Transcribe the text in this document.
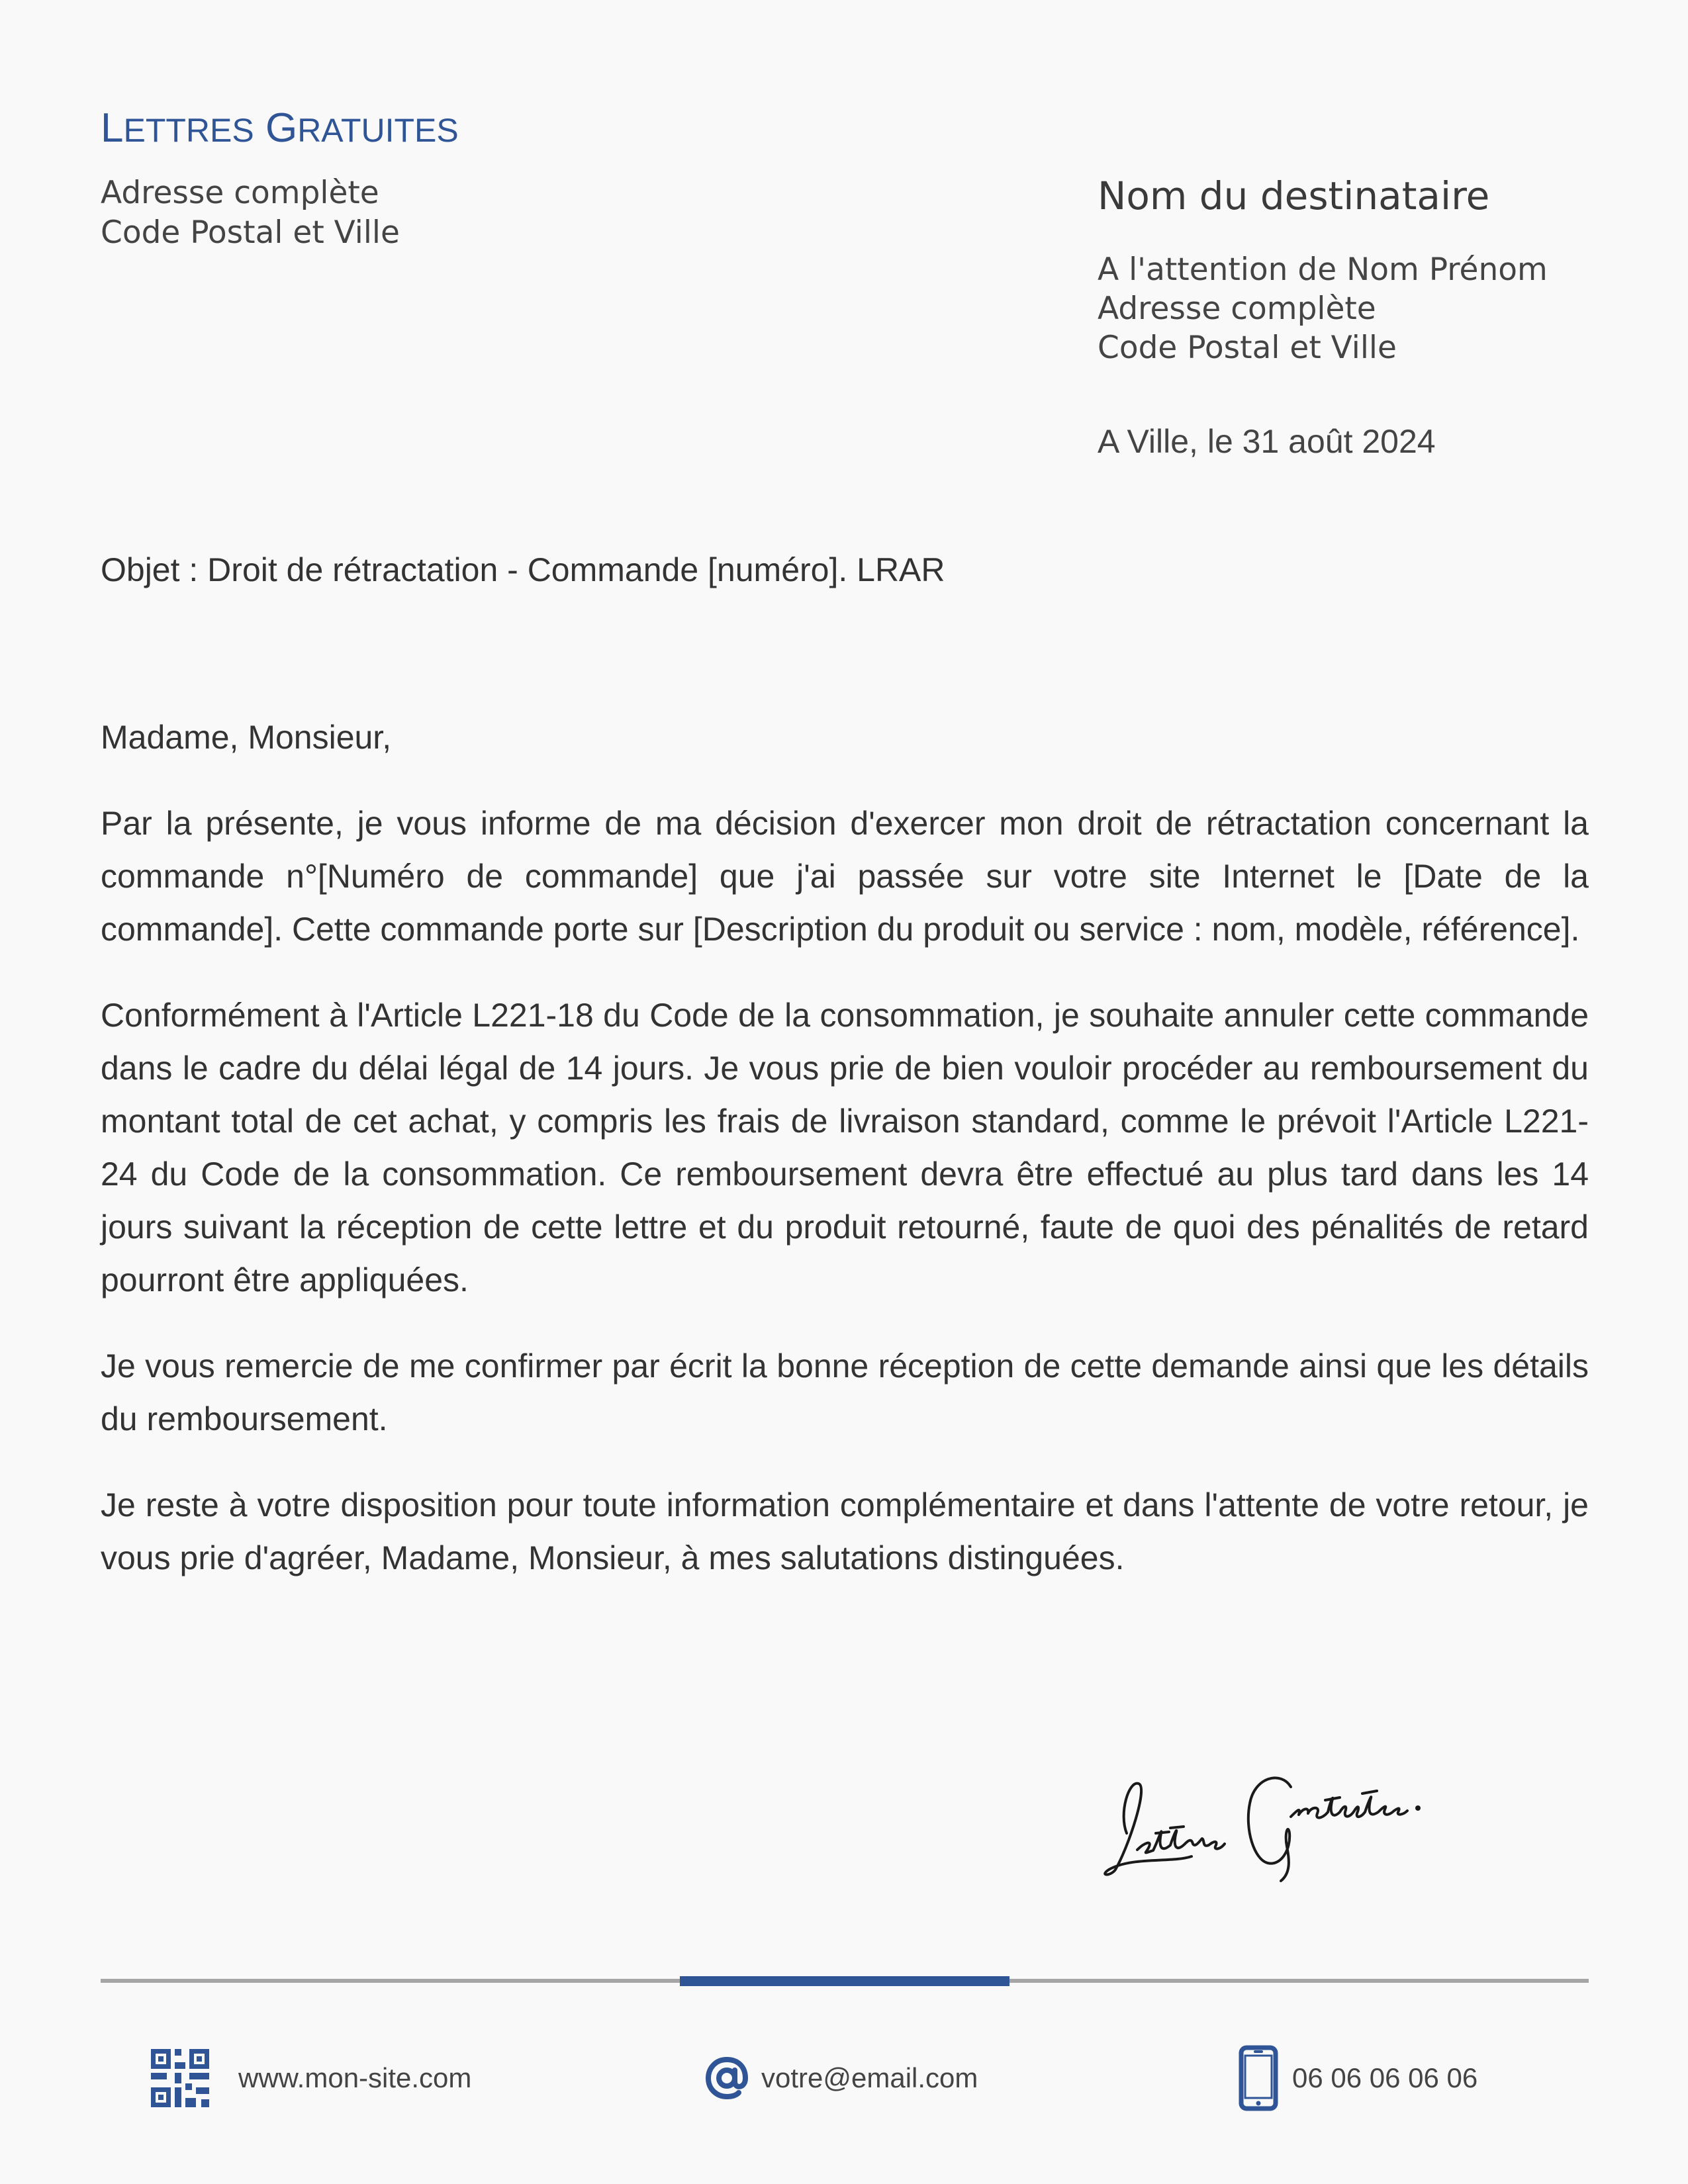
LETTRES GRATUITES
Adresse complète
Code Postal et Ville
Nom du destinataire
A l'attention de Nom Prénom
Adresse complète
Code Postal et Ville
A Ville, le 31 août 2024
Objet : Droit de rétractation - Commande [numéro]. LRAR

Madame, Monsieur,

Par la présente, je vous informe de ma décision d'exercer mon droit de rétractation concernant la commande n°[Numéro de commande] que j'ai passée sur votre site Internet le [Date de la commande]. Cette commande porte sur [Description du produit ou service : nom, modèle, référence].

Conformément à l'Article L221-18 du Code de la consommation, je souhaite annuler cette commande dans le cadre du délai légal de 14 jours. Je vous prie de bien vouloir procéder au remboursement du montant total de cet achat, y compris les frais de livraison standard, comme le prévoit l'Article L221-24 du Code de la consommation. Ce remboursement devra être effectué au plus tard dans les 14 jours suivant la réception de cette lettre et du produit retourné, faute de quoi des pénalités de retard pourront être appliquées.

Je vous remercie de me confirmer par écrit la bonne réception de cette demande ainsi que les détails du remboursement.

Je reste à votre disposition pour toute information complémentaire et dans l'attente de votre retour, je vous prie d'agréer, Madame, Monsieur, à mes salutations distinguées.

www.mon-site.com	votre@email.com	06 06 06 06 06
